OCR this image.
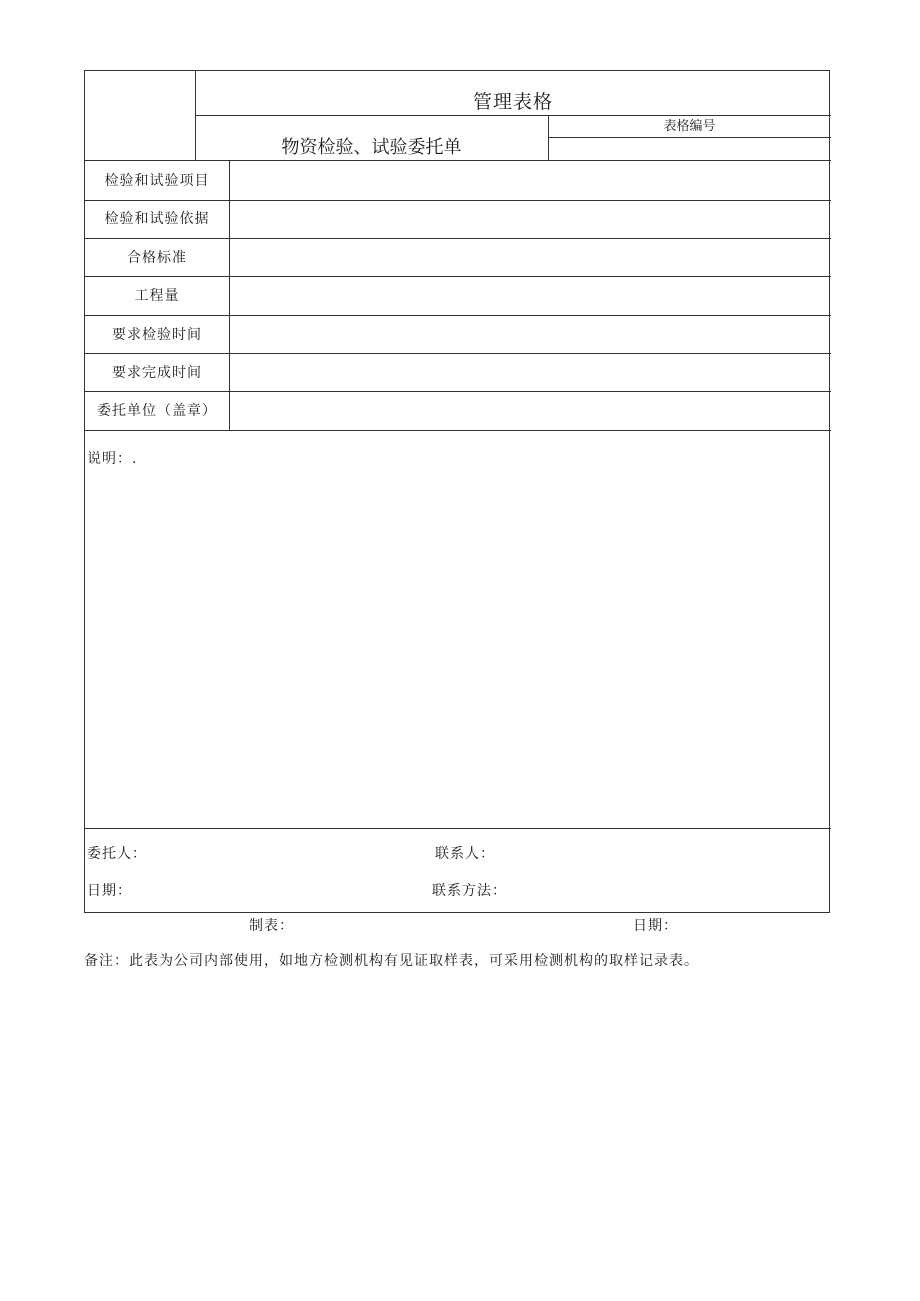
管理表格
物资检验、试验委托单
表格编号
检验和试验项目
检验和试验依据
合格标准
工程量
要求检验时间
要求完成时间
委托单位（盖章）
说明：.
委托人：	联系人：
日期：	联系方法：
制表：	日期：
备注：此表为公司内部使用，如地方检测机构有见证取样表，可采用检测机构的取样记录表。
